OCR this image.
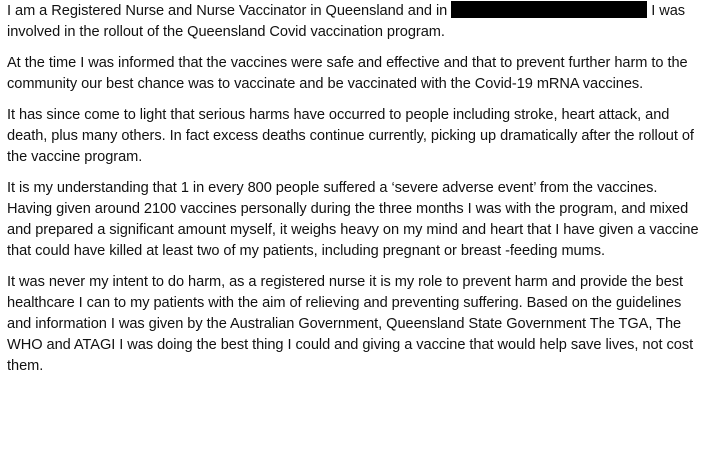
I am a Registered Nurse and Nurse Vaccinator in Queensland and in	I was involved in the rollout of the Queensland Covid vaccination program.

At the time I was informed that the vaccines were safe and effective and that to prevent further harm to the community our best chance was to vaccinate and be vaccinated with the Covid-19 mRNA vaccines.

It has since come to light that serious harms have occurred to people including stroke, heart attack, and death, plus many others. In fact excess deaths continue currently, picking up dramatically after the rollout of the vaccine program.

It is my understanding that 1 in every 800 people suffered a ‘severe adverse event’ from the vaccines. Having given around 2100 vaccines personally during the three months I was with the program, and mixed and prepared a significant amount myself, it weighs heavy on my mind and heart that I have given a vaccine that could have killed at least two of my patients, including pregnant or breast -feeding mums.

It was never my intent to do harm, as a registered nurse it is my role to prevent harm and provide the best healthcare I can to my patients with the aim of relieving and preventing suffering. Based on the guidelines and information I was given by the Australian Government, Queensland State Government The TGA, The WHO and ATAGI I was doing the best thing I could and giving a vaccine that would help save lives, not cost them.
